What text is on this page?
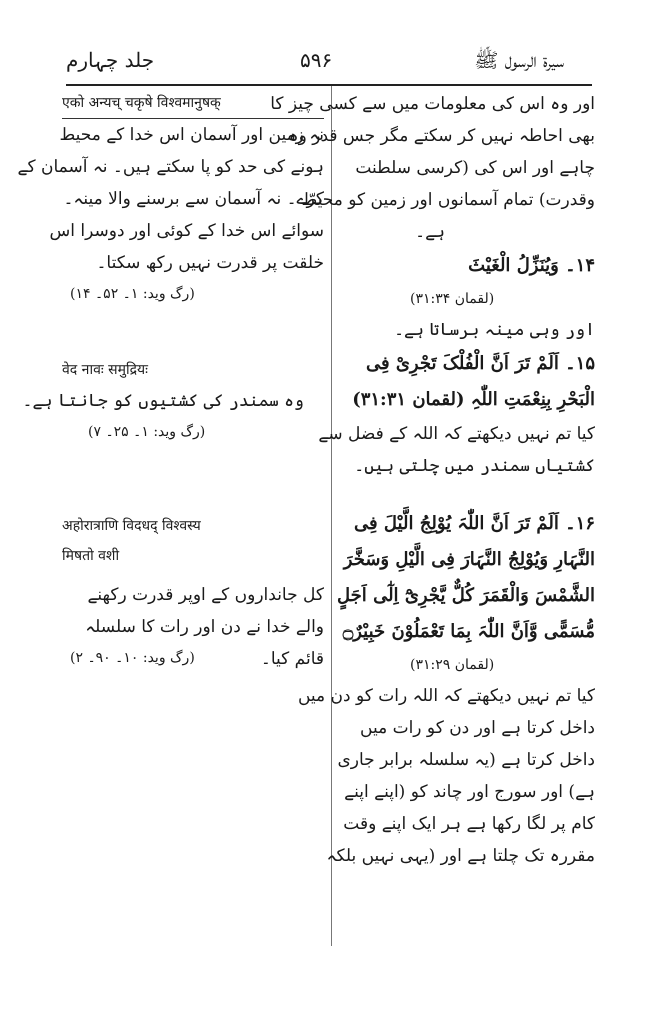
سیرۃ الرسول ﷺ
۵۹۶
جلد چہارم
اور وہ اس کی معلومات میں سے کسی چیز کا
بھی احاطہ نہیں کر سکتے مگر جس قدر وہ
چاہے اور اس کی (کرسی سلطنت
وقدرت) تمام آسمانوں اور زمین کو محیط
ہے۔
۱۴۔ وَیُنَزِّلُ الْغَیْثَ
(لقمان ۳۱:۳۴)
اور وہی مینہ برساتا ہے۔
۱۵۔ اَلَمْ تَرَ اَنَّ الْفُلْکَ تَجْرِیْ فِی
الْبَحْرِ بِنِعْمَتِ اللّٰہِ (لقمان ۳۱:۳۱)
کیا تم نہیں دیکھتے کہ اللہ کے فضل سے
کشتیاں سمندر میں چلتی ہیں۔
۱۶۔ اَلَمْ تَرَ اَنَّ اللّٰہَ یُوْلِجُ الَّیْلَ فِی
النَّہَارِ وَیُوْلِجُ النَّہَارَ فِی الَّیْلِ وَسَخَّرَ
الشَّمْسَ وَالْقَمَرَ کُلٌّ یَّجْرِیْٓ اِلٰٓی اَجَلٍ
مُّسَمًّی وَّاَنَّ اللّٰہَ بِمَا تَعْمَلُوْنَ خَبِیْرٌ۝
(لقمان ۳۱:۲۹)
کیا تم نہیں دیکھتے کہ اللہ رات کو دن میں
داخل کرتا ہے اور دن کو رات میں
داخل کرتا ہے (یہ سلسلہ برابر جاری
ہے) اور سورج اور چاند کو (اپنے اپنے
کام پر لگا رکھا ہے ہر ایک اپنے وقت
مقررہ تک چلتا ہے اور (یہی نہیں بلکہ
एको अन्यच् चकृषे विश्वमानुषक्
نہ زمین اور آسمان اس خدا کے محیط
ہونے کی حد کو پا سکتے ہیں۔ نہ آسمان کے
کرّے۔ نہ آسمان سے برسنے والا مینہ۔
سوائے اس خدا کے کوئی اور دوسرا اس
خلقت پر قدرت نہیں رکھ سکتا۔
(رگ وید: ۱۔ ۵۲۔ ۱۴)
वेद नावः समुद्रियः
وہ سمندر کی کشتیوں کو جانتا ہے۔
(رگ وید: ۱۔ ۲۵۔ ۷)
अहोरात्राणि विदधद् विश्वस्य
मिषतो वशी
کل جانداروں کے اوپر قدرت رکھنے
والے خدا نے دن اور رات کا سلسلہ
قائم کیا۔
(رگ وید: ۱۰۔ ۹۰۔ ۲)
